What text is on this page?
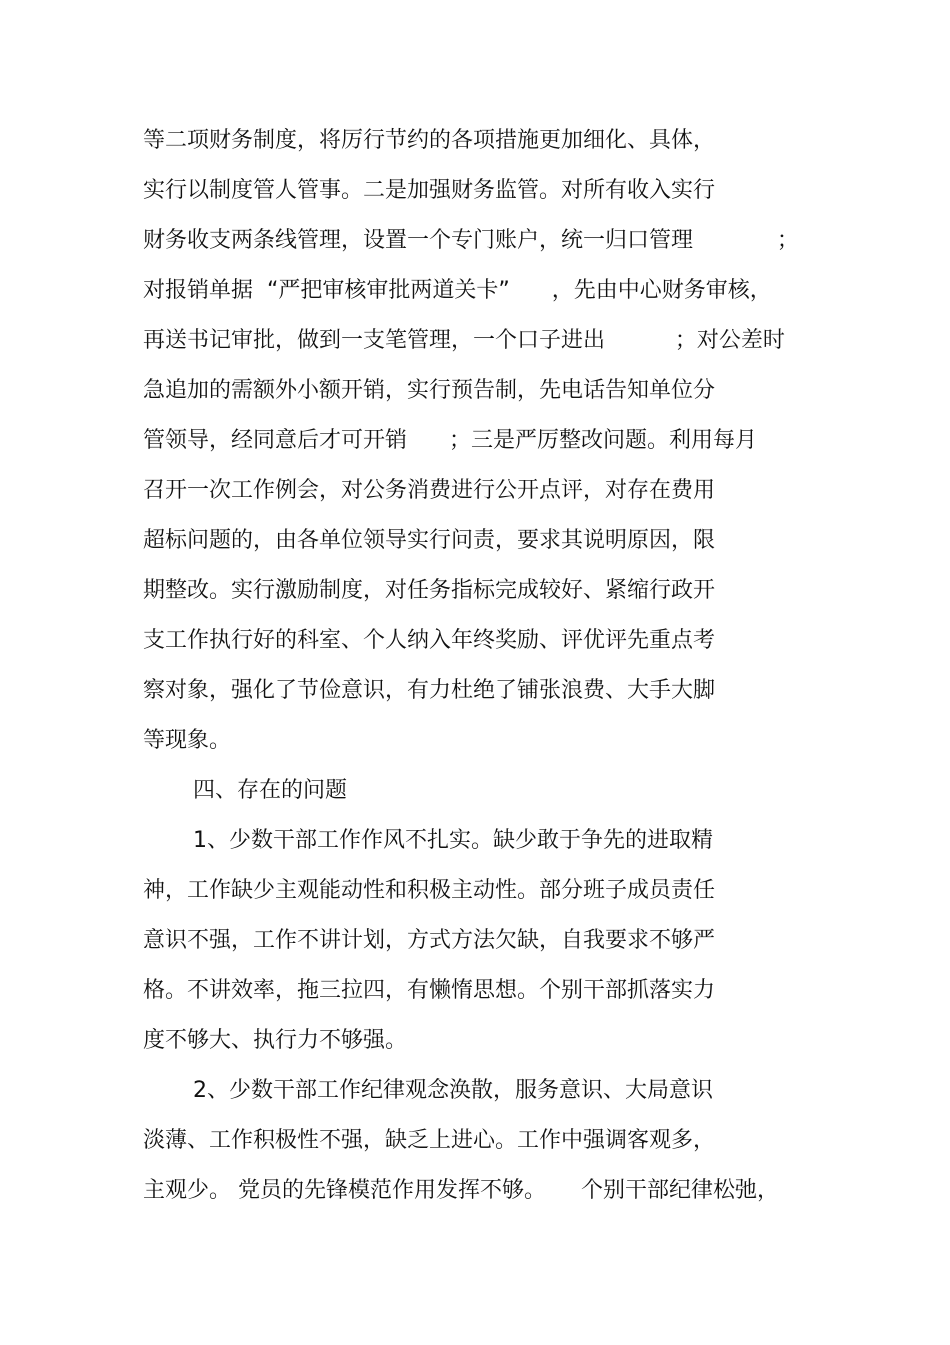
等二项财务制度，将厉行节约的各项措施更加细化、具体，
实行以制度管人管事。二是加强财务监管。对所有收入实行
财务收支两条线管理，设置一个专门账户，统一归口管理            ；
对报销单据  “严把审核审批两道关卡”      ，先由中心财务审核，
再送书记审批，做到一支笔管理，一个口子进出          ；对公差时
急追加的需额外小额开销，实行预告制，先电话告知单位分
管领导，经同意后才可开销      ；三是严厉整改问题。利用每月
召开一次工作例会，对公务消费进行公开点评，对存在费用
超标问题的，由各单位领导实行问责，要求其说明原因，限
期整改。实行激励制度，对任务指标完成较好、紧缩行政开
支工作执行好的科室、个人纳入年终奖励、评优评先重点考
察对象，强化了节俭意识，有力杜绝了铺张浪费、大手大脚
等现象。
四、存在的问题
1、少数干部工作作风不扎实。缺少敢于争先的进取精
神，工作缺少主观能动性和积极主动性。部分班子成员责任
意识不强，工作不讲计划，方式方法欠缺，自我要求不够严
格。不讲效率，拖三拉四，有懒惰思想。个别干部抓落实力
度不够大、执行力不够强。
2、少数干部工作纪律观念涣散，服务意识、大局意识
淡薄、工作积极性不强，缺乏上进心。工作中强调客观多，
主观少。 党员的先锋模范作用发挥不够。     个别干部纪律松弛，
